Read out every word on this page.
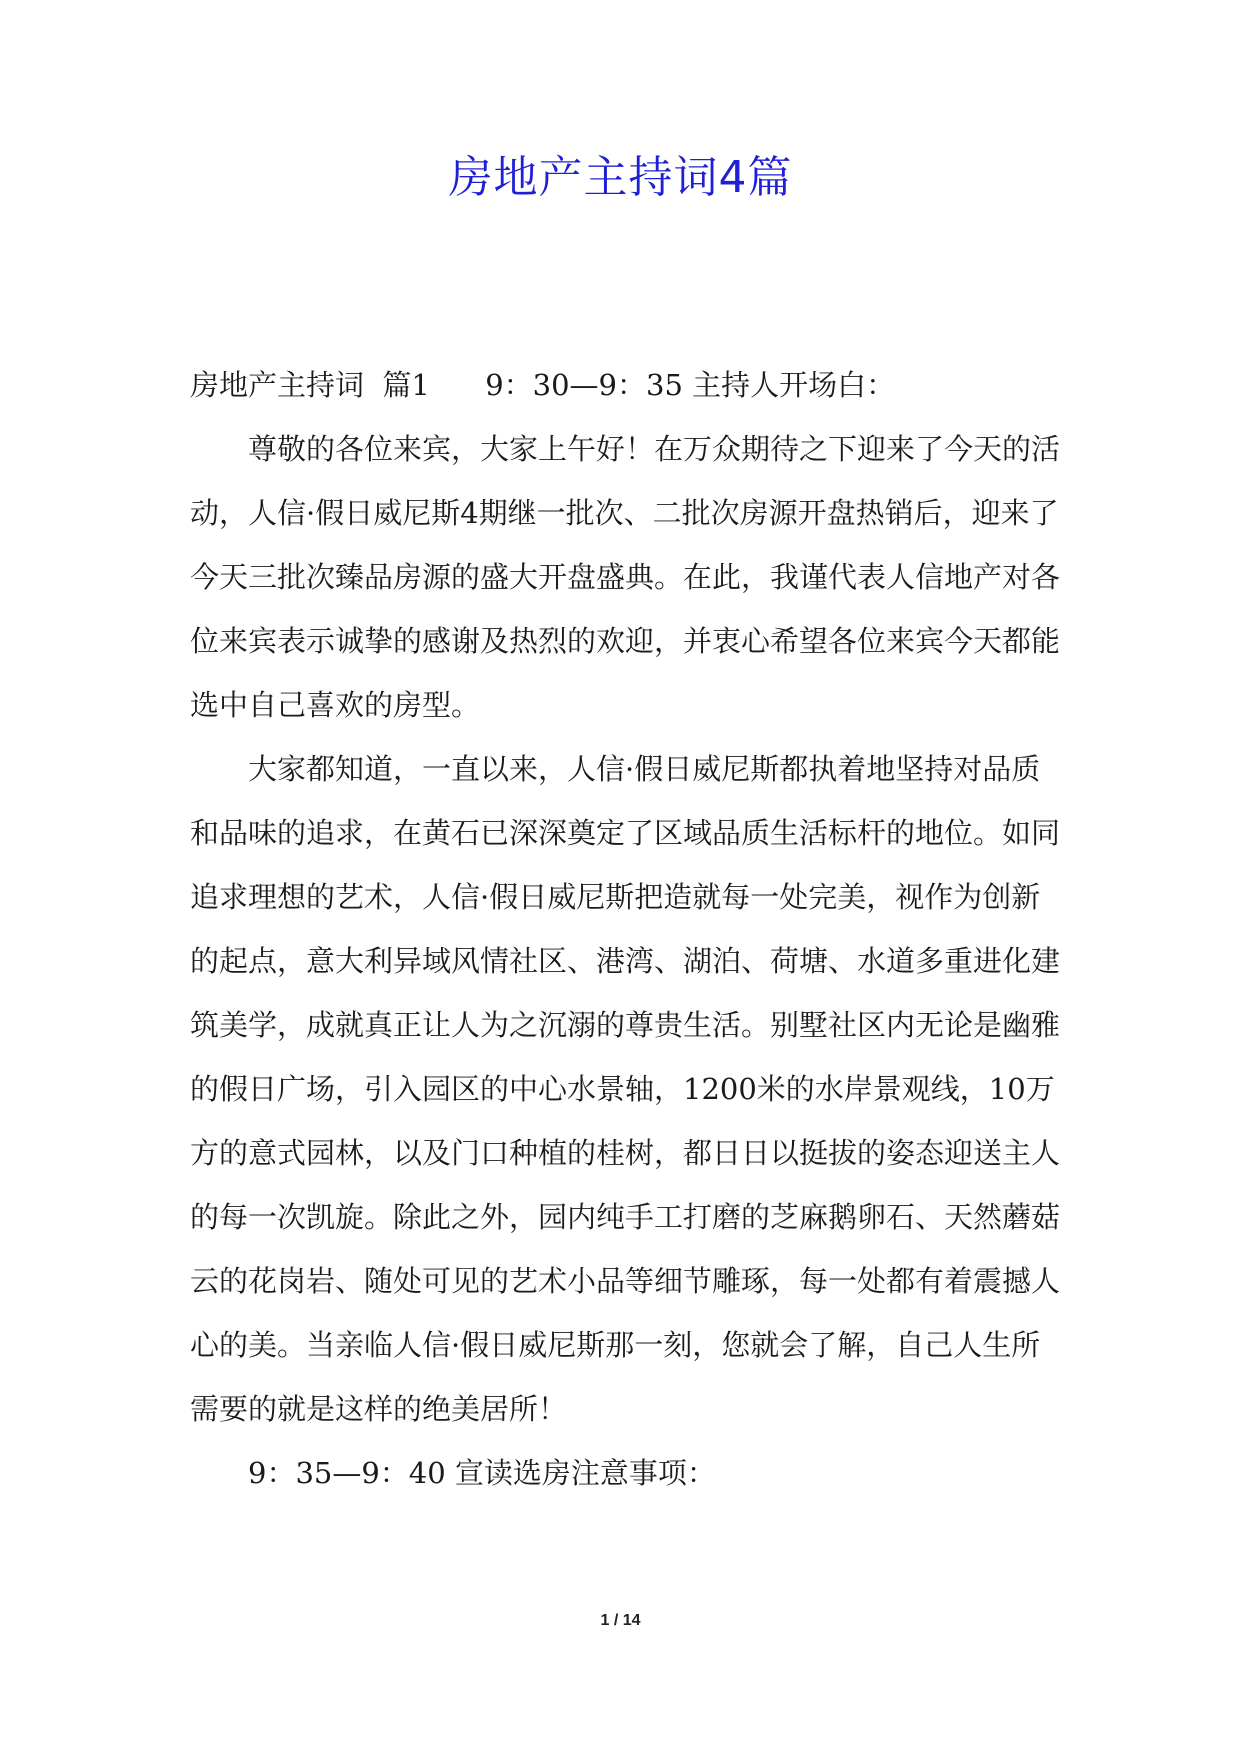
房地产主持词4篇

房地产主持词  篇1      9：30—9：35 主持人开场白：

尊敬的各位来宾，大家上午好！在万众期待之下迎来了今天的活动，人信·假日威尼斯4期继一批次、二批次房源开盘热销后，迎来了今天三批次臻品房源的盛大开盘盛典。在此，我谨代表人信地产对各位来宾表示诚挚的感谢及热烈的欢迎，并衷心希望各位来宾今天都能选中自己喜欢的房型。

大家都知道，一直以来，人信·假日威尼斯都执着地坚持对品质和品味的追求，在黄石已深深奠定了区域品质生活标杆的地位。如同追求理想的艺术，人信·假日威尼斯把造就每一处完美，视作为创新的起点，意大利异域风情社区、港湾、湖泊、荷塘、水道多重进化建筑美学，成就真正让人为之沉溺的尊贵生活。别墅社区内无论是幽雅的假日广场，引入园区的中心水景轴，1200米的水岸景观线，10万方的意式园林，以及门口种植的桂树，都日日以挺拔的姿态迎送主人的每一次凯旋。除此之外，园内纯手工打磨的芝麻鹅卵石、天然蘑菇云的花岗岩、随处可见的艺术小品等细节雕琢，每一处都有着震撼人心的美。当亲临人信·假日威尼斯那一刻，您就会了解，自己人生所需要的就是这样的绝美居所！

9：35—9：40 宣读选房注意事项：

1 / 14
